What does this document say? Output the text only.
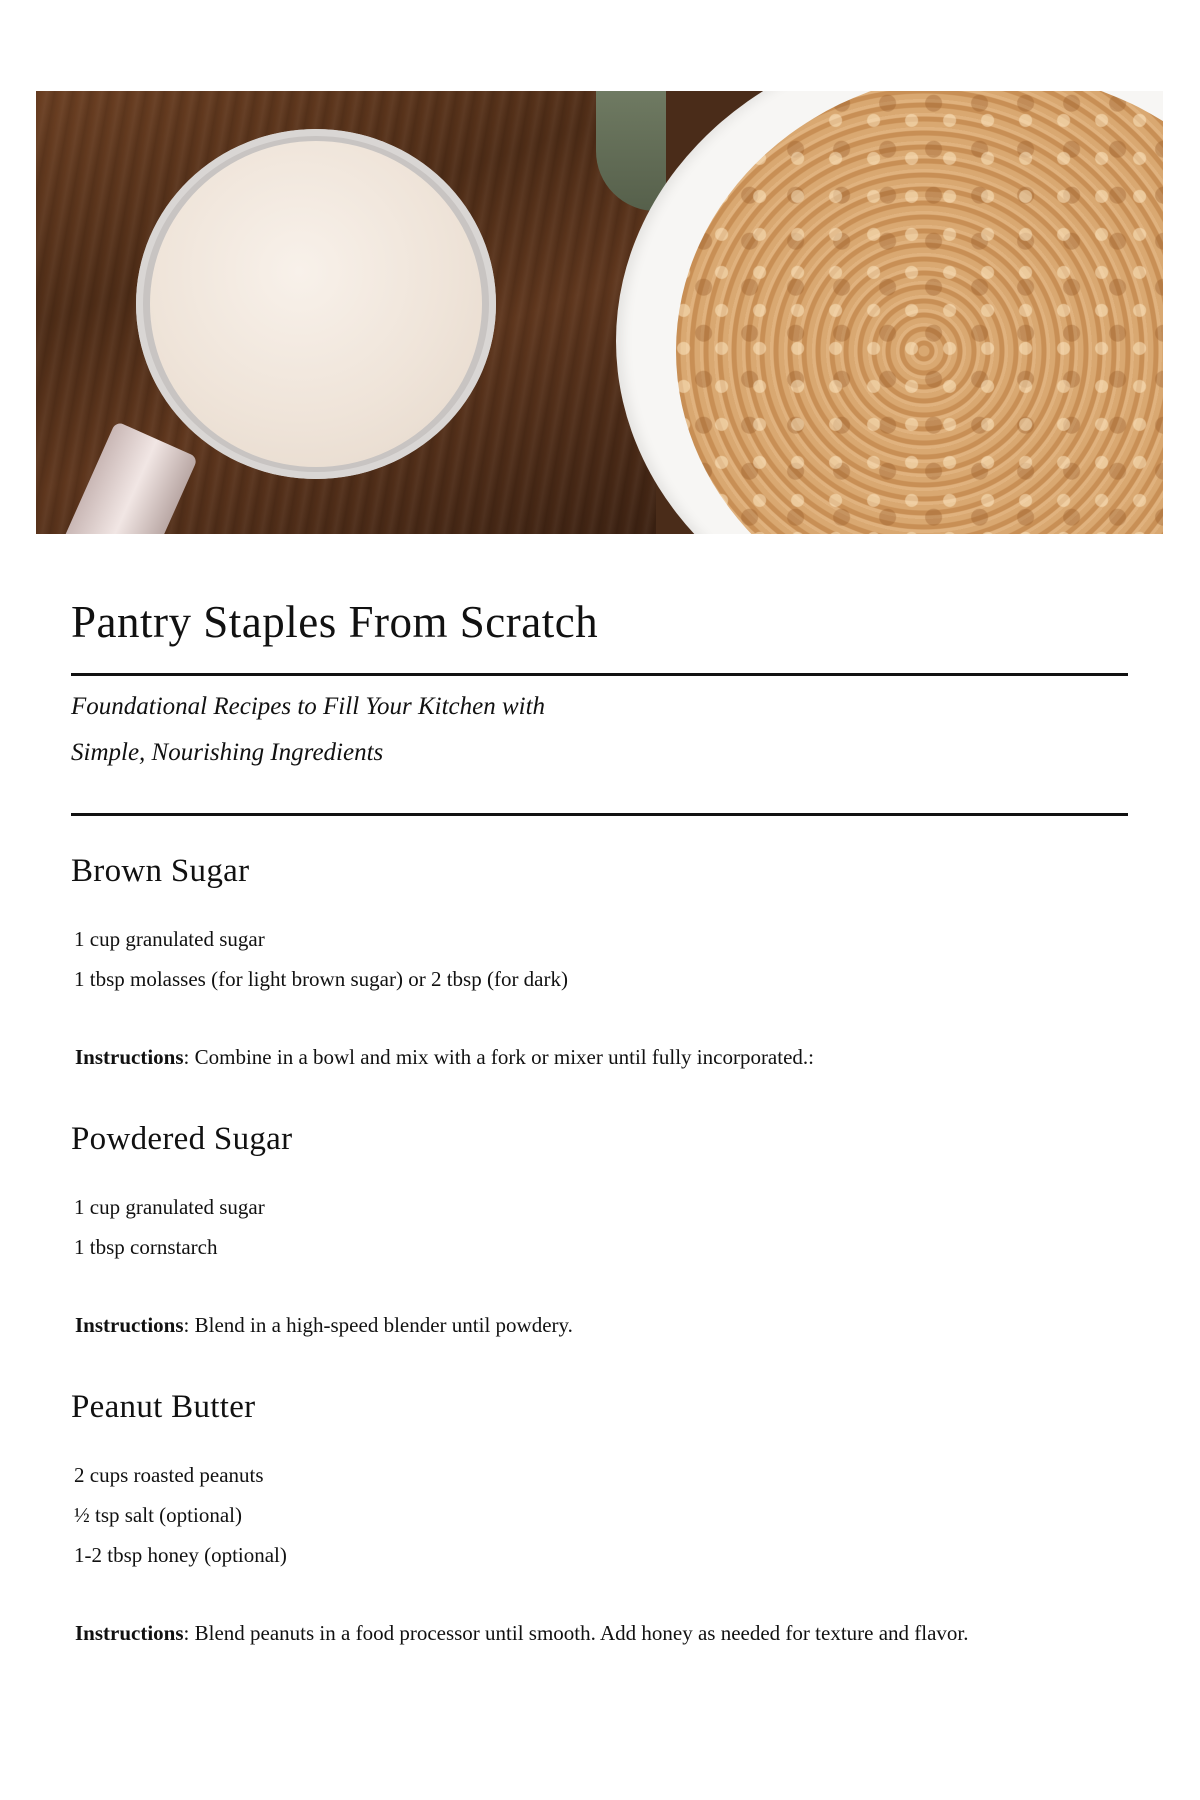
Pantry Staples From Scratch
Foundational Recipes to Fill Your Kitchen with
Simple, Nourishing Ingredients
Brown Sugar
1 cup granulated sugar
1 tbsp molasses (for light brown sugar) or 2 tbsp (for dark)

Instructions: Combine in a bowl and mix with a fork or mixer until fully incorporated.:

Powdered Sugar
1 cup granulated sugar
1 tbsp cornstarch

Instructions: Blend in a high-speed blender until powdery.

Peanut Butter
2 cups roasted peanuts
½ tsp salt (optional)
1-2 tbsp honey (optional)

Instructions: Blend peanuts in a food processor until smooth. Add honey as needed for texture and flavor.
